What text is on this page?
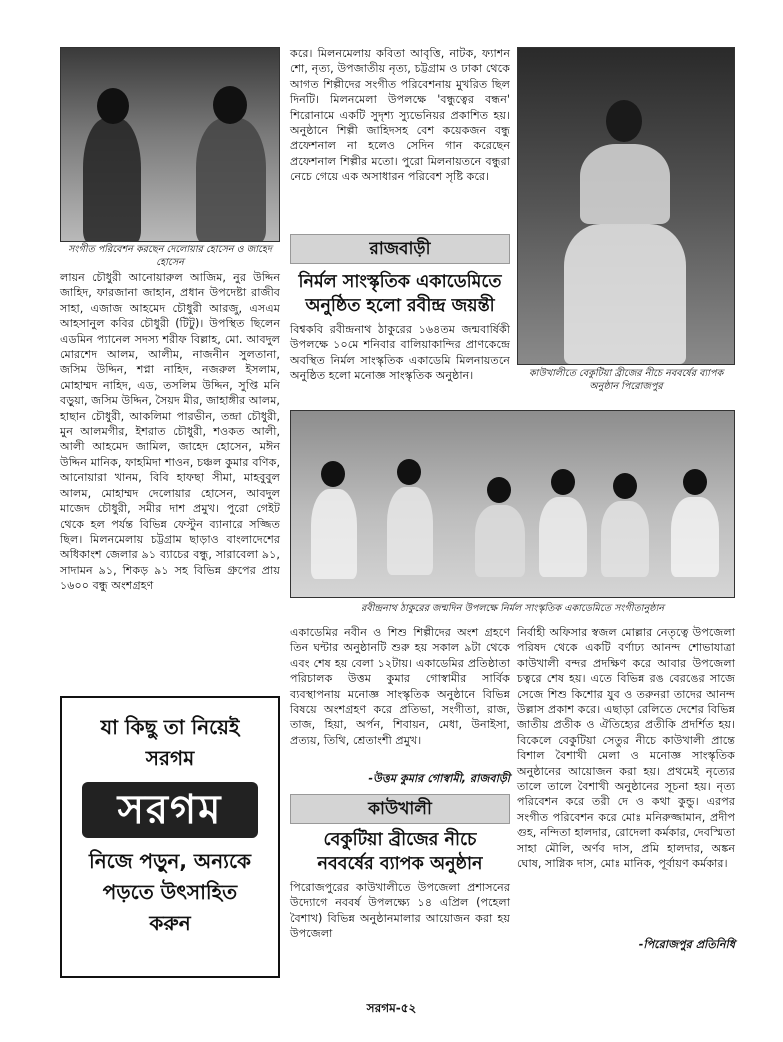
সংগীত পরিবেশন করছেন দেলোয়ার হোসেন ও জাহেদ হোসেন
লায়ন চৌধুরী আনোয়ারুল আজিম, নুর উদ্দিন জাহিদ, ফারজানা জাহান, প্রধান উপদেষ্টা রাজীব সাহা, এজাজ আহমেদ চৌধুরী আরজু, এসএম আহসানুল কবির চৌধুরী (টিটু)। উপস্থিত ছিলেন এডমিন প্যানেল সদস্য শরীফ বিল্লাহ, মো. আবদুল মোরশেদ আলম, আলীম, নাজনীন সুলতানা, জসিম উদ্দিন, শপ্না নাহিদ, নজরুল ইসলাম, মোহাম্মদ নাহিদ, এড, তসলিম উদ্দিন, সুপ্তি মনি বড়ুয়া, জসিম উদ্দিন, সৈয়দ মীর, জাহাঙ্গীর আলম, হাছান চৌধুরী, আকলিমা পারভীন, তন্দ্রা চৌধুরী, মুন আলমগীর, ইশরাত চৌধুরী, শওকত আলী, আলী আহমেদ জামিল, জাহেদ হোসেন, মঈন উদ্দিন মানিক, ফাহমিদা শাওন, চঞ্চল কুমার বণিক, আনোয়ারা খানম, বিবি হাফছা সীমা, মাহবুবুল আলম, মোহাম্মদ দেলোয়ার হোসেন, আবদুল মাজেদ চৌধুরী, সমীর দাশ প্রমুখ। পুরো গেইট থেকে হল পর্যন্ত বিভিন্ন ফেস্টুন ব্যানারে সজ্জিত ছিল। মিলনমেলায় চট্টগ্রাম ছাড়াও বাংলাদেশের অধিকাংশ জেলার ৯১ ব্যাচের বন্ধু, সারাবেলা ৯১, সাদামন ৯১, শিকড় ৯১ সহ বিভিন্ন গ্রুপের প্রায় ১৬০০ বন্ধু অংশগ্রহণ
যা কিছু তা নিয়েই
সরগম
সরগম
নিজে পড়ুন, অন্যকে
পড়তে উৎসাহিত
করুন
করে। মিলনমেলায় কবিতা আবৃত্তি, নাটক, ফ্যাশন শো, নৃত্য, উপজাতীয় নৃত্য, চট্টগ্রাম ও ঢাকা থেকে আগত শিল্পীদের সংগীত পরিবেশনায় মুখরিত ছিল দিনটি। মিলনমেলা উপলক্ষে 'বন্ধুত্বের বন্ধন' শিরোনামে একটি সুদৃশ্য স্যুভেনিয়র প্রকাশিত হয়। অনুষ্ঠানে শিল্পী জাহিদসহ বেশ কয়েকজন বন্ধু প্রফেশনাল না হলেও সেদিন গান করেছেন প্রফেশনাল শিল্পীর মতো। পুরো মিলনায়তনে বন্ধুরা নেচে গেয়ে এক অসাধারন পরিবেশ সৃষ্টি করে।
রাজবাড়ী
নির্মল সাংস্কৃতিক একাডেমিতে
অনুষ্ঠিত হলো রবীন্দ্র জয়ন্তী
বিশ্বকবি রবীন্দ্রনাথ ঠাকুরের ১৬৪তম জন্মবার্ষিকী উপলক্ষে ১০মে শনিবার বালিয়াকান্দির প্রাণকেন্দ্রে অবস্থিত নির্মল সাংস্কৃতিক একাডেমি মিলনায়তনে অনুষ্ঠিত হলো মনোজ্ঞ সাংস্কৃতিক অনুষ্ঠান।	কাউখালীতে বেকুটিয়া ব্রীজের নীচে নববর্ষের ব্যাপক অনুষ্ঠান পিরোজপুর
রবীন্দ্রনাথ ঠাকুরের জন্মদিন উপলক্ষে নির্মল সাংস্কৃতিক একাডেমিতে সংগীতানুষ্ঠান
একাডেমির নবীন ও শিশু শিল্পীদের অংশ গ্রহণে তিন ঘন্টার অনুষ্ঠানটি শুরু হয় সকাল ৯টা থেকে এবং শেষ হয় বেলা ১২টায়। একাডেমির প্রতিষ্ঠাতা পরিচালক উত্তম কুমার গোস্বামীর সার্বিক ব্যবস্থাপনায় মনোজ্ঞ সাংস্কৃতিক অনুষ্ঠানে বিভিন্ন বিষয়ে অংশগ্রহণ করে প্রতিভা, সংগীতা, রাজ, তাজ, হিয়া, অর্পন, শিবায়ন, মেধা, উনাইসা, প্রত্যয়, তিথি, শ্রেতাংশী প্রমুখ।
-উত্তম কুমার গোস্বামী, রাজবাড়ী
কাউখালী
বেকুটিয়া ব্রীজের নীচে
নববর্ষের ব্যাপক অনুষ্ঠান
পিরোজপুরের কাউখালীতে উপজেলা প্রশাসনের উদ্যোগে নববর্ষ উপলক্ষ্যে ১৪ এপ্রিল (পহেলা বৈশাখ) বিভিন্ন অনুষ্ঠানমালার আয়োজন করা হয় উপজেলা
নির্বাহী অফিসার স্বজল মোল্লার নেতৃত্বে উপজেলা পরিষদ থেকে একটি বর্ণাঢ্য আনন্দ শোভাযাত্রা কাউখালী বন্দর প্রদক্ষিণ করে আবার উপজেলা চত্বরে শেষ হয়। এতে বিভিন্ন রঙ বেরঙের সাজে সেজে শিশু কিশোর যুব ও তরুনরা তাদের আনন্দ উল্লাস প্রকাশ করে। এছাড়া রেলিতে দেশের বিভিন্ন জাতীয় প্রতীক ও ঐতিহ্যের প্রতীকি প্রদর্শিত হয়। বিকেলে বেকুটিয়া সেতুর নীচে কাউখালী প্রান্তে বিশাল বৈশাখী মেলা ও মনোজ্ঞ সাংস্কৃতিক অনুষ্ঠানের আয়োজন করা হয়। প্রথমেই নৃত্যের তালে তালে বৈশাখী অনুষ্ঠানের সূচনা হয়। নৃত্য পরিবেশন করে তরী দে ও কথা কুন্ডু। এরপর সংগীত পরিবেশন করে মোঃ মনিরুজ্জামান, প্রদীপ গুহ, নন্দিতা হালদার, রোদেলা কর্মকার, দেবস্মিতা সাহা মৌলি, অর্ণব দাস, প্রমি হালদার, অঙ্কন ঘোষ, সাগ্নিক দাস, মোঃ মানিক, পূর্বায়ণ কর্মকার।
-পিরোজপুর প্রতিনিধি
সরগম-৫২
